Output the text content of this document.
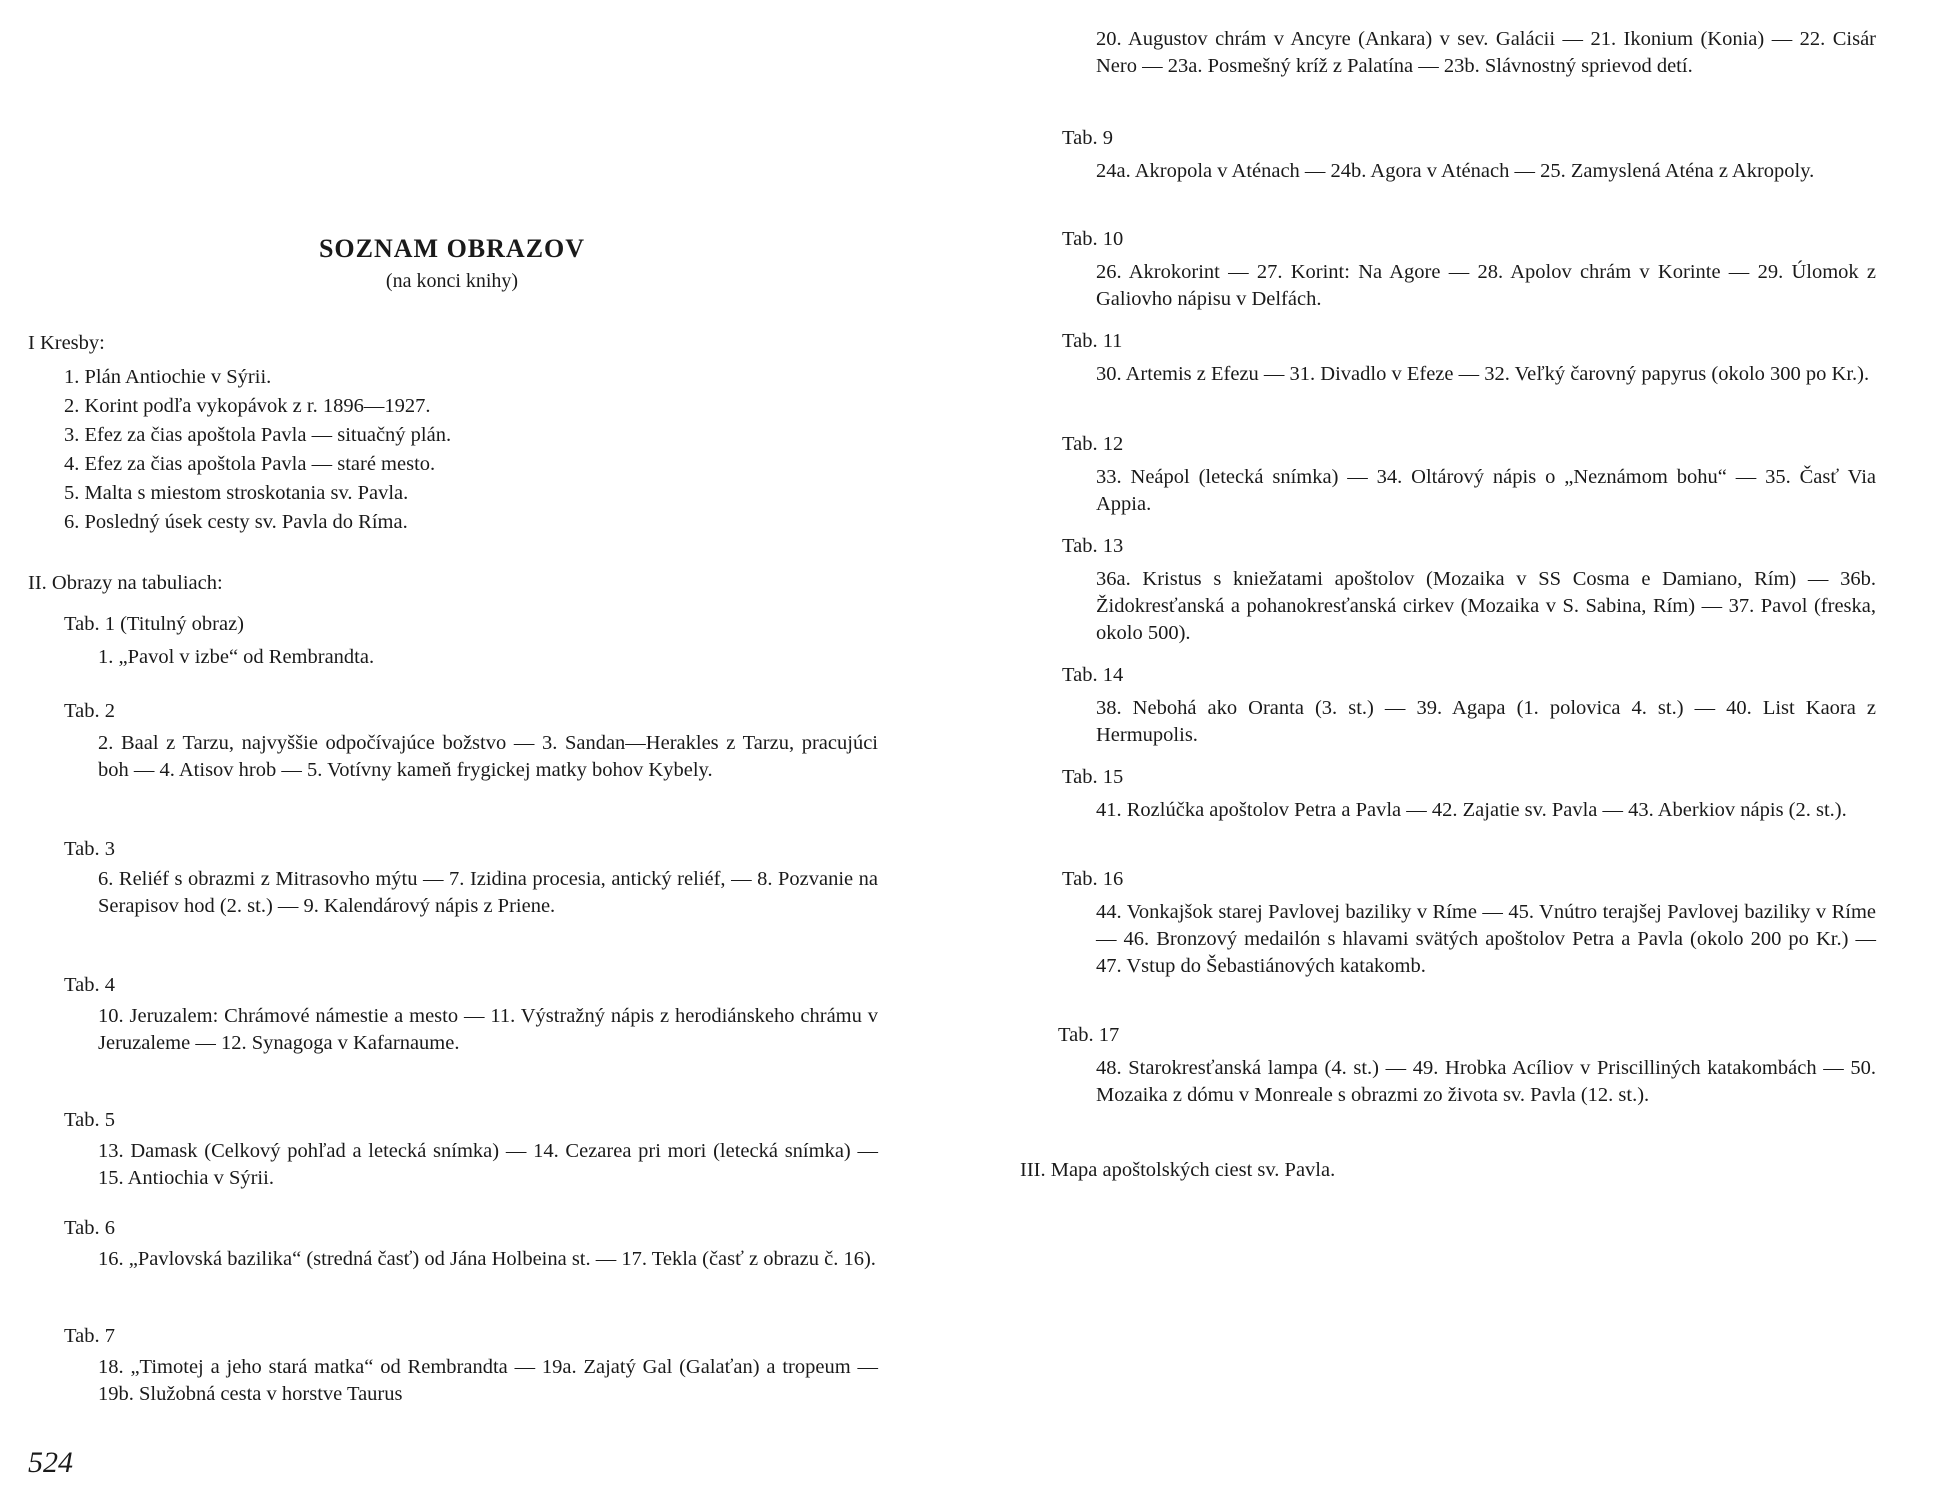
SOZNAM OBRAZOV
(na konci knihy)
I Kresby:
1. Plán Antiochie v Sýrii.
2. Korint podľa vykopávok z r. 1896—1927.
3. Efez za čias apoštola Pavla — situačný plán.
4. Efez za čias apoštola Pavla — staré mesto.
5. Malta s miestom stroskotania sv. Pavla.
6. Posledný úsek cesty sv. Pavla do Ríma.
II. Obrazy na tabuliach:
Tab. 1 (Titulný obraz)
1. „Pavol v izbe“ od Rembrandta.
Tab. 2
2. Baal z Tarzu, najvyššie odpočívajúce božstvo — 3. Sandan—Herakles z Tarzu, pracujúci boh — 4. Atisov hrob — 5. Votívny kameň frygickej matky bohov Kybely.
Tab. 3
6. Reliéf s obrazmi z Mitrasovho mýtu — 7. Izidina procesia, antický reliéf, — 8. Pozvanie na Serapisov hod (2. st.) — 9. Kalendárový nápis z Priene.
Tab. 4
10. Jeruzalem: Chrámové námestie a mesto — 11. Výstražný nápis z herodiánskeho chrámu v Jeruzaleme — 12. Synagoga v Kafarnaume.
Tab. 5
13. Damask (Celkový pohľad a letecká snímka) — 14. Cezarea pri mori (letecká snímka) — 15. Antiochia v Sýrii.
Tab. 6
16. „Pavlovská bazilika“ (stredná časť) od Jána Holbeina st. — 17. Tekla (časť z obrazu č. 16).
Tab. 7
18. „Timotej a jeho stará matka“ od Rembrandta — 19a. Zajatý Gal (Galaťan) a tropeum — 19b. Služobná cesta v horstve Taurus
524
20. Augustov chrám v Ancyre (Ankara) v sev. Galácii — 21. Ikonium (Konia) — 22. Cisár Nero — 23a. Posmešný kríž z Palatína — 23b. Slávnostný sprievod detí.
Tab. 9
24a. Akropola v Aténach — 24b. Agora v Aténach — 25. Zamyslená Aténa z Akropoly.
Tab. 10
26. Akrokorint — 27. Korint: Na Agore — 28. Apolov chrám v Korinte — 29. Úlomok z Galiovho nápisu v Delfách.
Tab. 11
30. Artemis z Efezu — 31. Divadlo v Efeze — 32. Veľký čarovný papyrus (okolo 300 po Kr.).
Tab. 12
33. Neápol (letecká snímka) — 34. Oltárový nápis o „Neznámom bohu“ — 35. Časť Via Appia.
Tab. 13
36a. Kristus s kniežatami apoštolov (Mozaika v SS Cosma e Damiano, Rím) — 36b. Židokresťanská a pohanokresťanská cirkev (Mozaika v S. Sabina, Rím) — 37. Pavol (freska, okolo 500).
Tab. 14
38. Nebohá ako Oranta (3. st.) — 39. Agapa (1. polovica 4. st.) — 40. List Kaora z Hermupolis.
Tab. 15
41. Rozlúčka apoštolov Petra a Pavla — 42. Zajatie sv. Pavla — 43. Aberkiov nápis (2. st.).
Tab. 16
44. Vonkajšok starej Pavlovej baziliky v Ríme — 45. Vnútro terajšej Pavlovej baziliky v Ríme — 46. Bronzový medailón s hlavami svätých apoštolov Petra a Pavla (okolo 200 po Kr.) — 47. Vstup do Šebastiánových katakomb.
Tab. 17
48. Starokresťanská lampa (4. st.) — 49. Hrobka Acíliov v Priscilliných katakombách — 50. Mozaika z dómu v Monreale s obrazmi zo života sv. Pavla (12. st.).
III. Mapa apoštolských ciest sv. Pavla.
